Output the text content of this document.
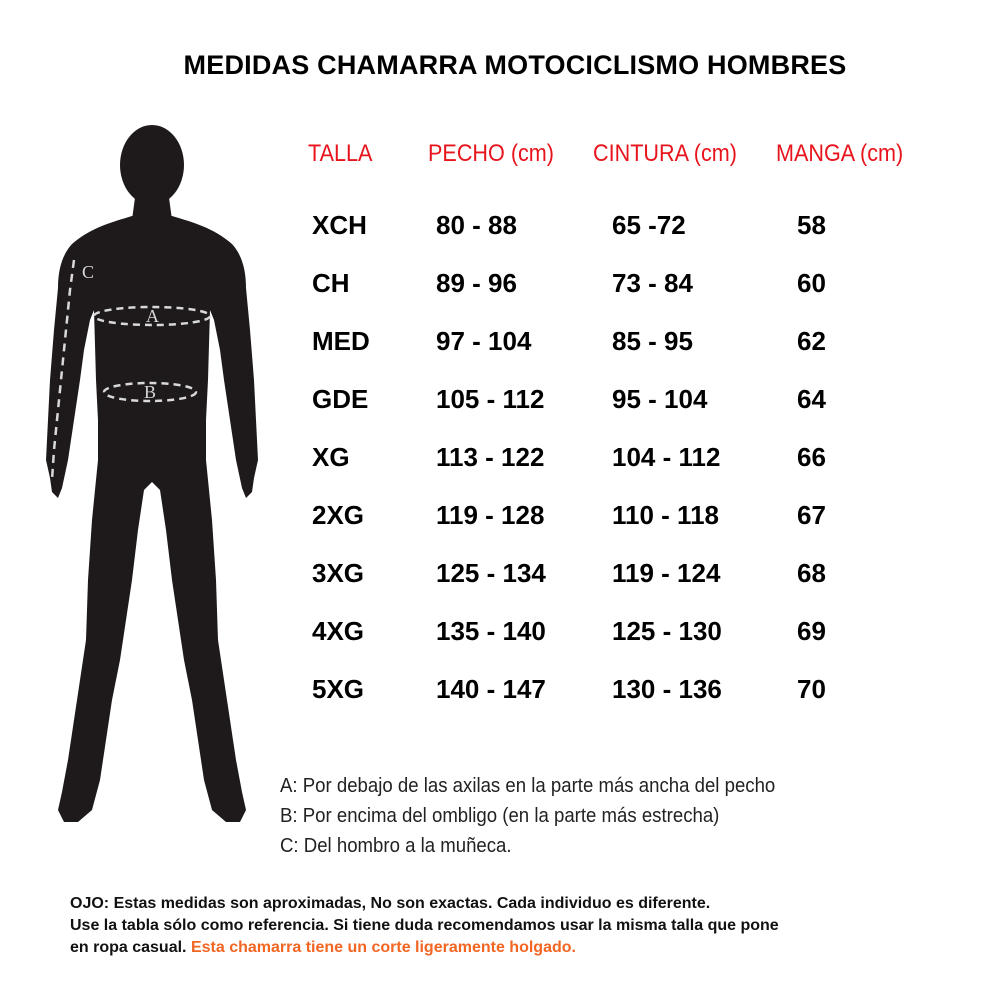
MEDIDAS CHAMARRA MOTOCICLISMO HOMBRES
A
B
C
TALLA PECHO (cm) CINTURA (cm) MANGA (cm)
XCH	80 - 88	65 -72	58
CH	89 - 96	73 - 84	60
MED	97 - 104	85 - 95	62
GDE	105 - 112	95 - 104	64
XG	113 - 122	104 - 112	66
2XG	119 - 128	110 - 118	67
3XG	125 - 134	119 - 124	68
4XG	135 - 140	125 - 130	69
5XG	140 - 147	130 - 136	70
A: Por debajo de las axilas en la parte más ancha del pecho
B: Por encima del ombligo (en la parte más estrecha)
C: Del hombro a la muñeca.
OJO: Estas medidas son aproximadas, No son exactas. Cada individuo es diferente.
Use la tabla sólo como referencia. Si tiene duda recomendamos usar la misma talla que pone
en ropa casual. Esta chamarra tiene un corte ligeramente holgado.
